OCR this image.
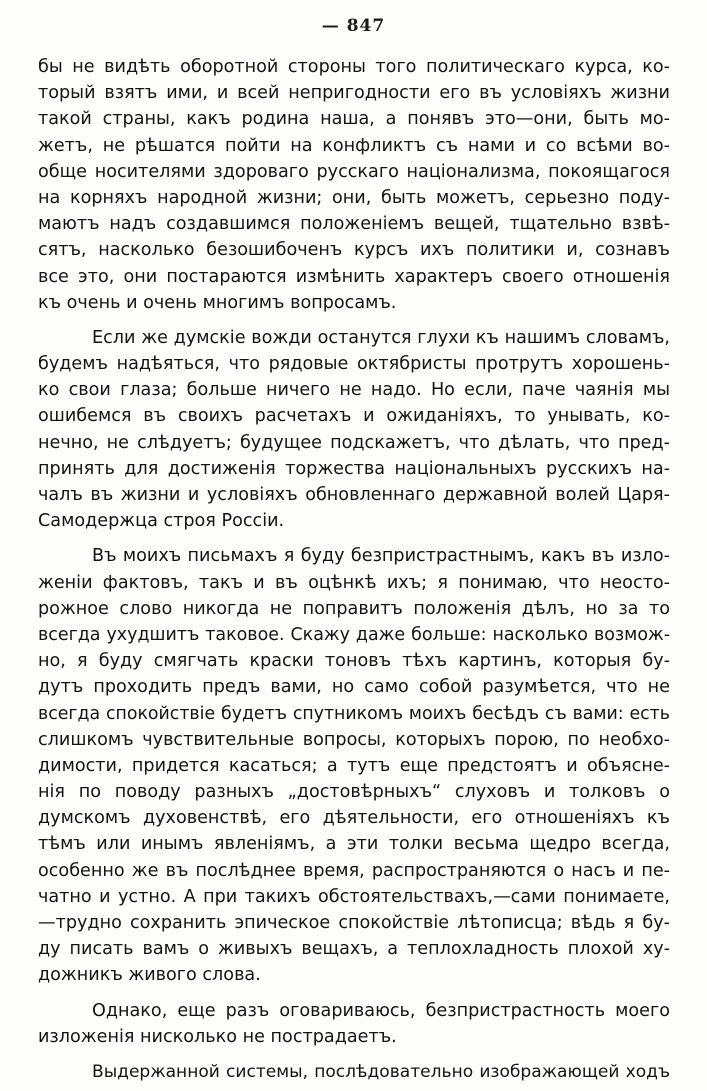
— 847
бы не видѣть оборотной стороны того политическаго курса, ко-
торый взятъ ими, и всей непригодности его въ условіяхъ жизни
такой страны, какъ родина наша, а понявъ это—они, быть мо-
жетъ, не рѣшатся пойти на конфликтъ съ нами и со всѣми во-
обще носителями здороваго русскаго націонализма, покоящагося
на корняхъ народной жизни; они, быть можетъ, серьезно поду-
маютъ надъ создавшимся положеніемъ вещей, тщательно взвѣ-
сятъ, насколько безошибоченъ курсъ ихъ политики и, сознавъ
все это, они постараются измѣнить характеръ своего отношенія
къ очень и очень многимъ вопросамъ.
Если же думскіе вожди останутся глухи къ нашимъ словамъ,
будемъ надѣяться, что рядовые октябристы протрутъ хорошень-
ко свои глаза; больше ничего не надо. Но если, паче чаянія мы
ошибемся въ своихъ расчетахъ и ожиданіяхъ, то унывать, ко-
нечно, не слѣдуетъ; будущее подскажетъ, что дѣлать, что пред-
принять для достиженія торжества національныхъ русскихъ на-
чалъ въ жизни и условіяхъ обновленнаго державной волей Царя-
Самодержца строя Россіи.
Въ моихъ письмахъ я буду безпристрастнымъ, какъ въ изло-
женіи фактовъ, такъ и въ оцѣнкѣ ихъ; я понимаю, что неосто-
рожное слово никогда не поправитъ положенія дѣлъ, но за то
всегда ухудшитъ таковое. Скажу даже больше: насколько возмож-
но, я буду смягчать краски тоновъ тѣхъ картинъ, которыя бу-
дутъ проходить предъ вами, но само собой разумѣется, что не
всегда спокойствіе будетъ спутникомъ моихъ бесѣдъ съ вами: есть
слишкомъ чувствительные вопросы, которыхъ порою, по необхо-
димости, придется касаться; а тутъ еще предстоятъ и объясне-
нія по поводу разныхъ „достовѣрныхъ“ слуховъ и толковъ о
думскомъ духовенствѣ, его дѣятельности, его отношеніяхъ къ
тѣмъ или инымъ явленіямъ, а эти толки весьма щедро всегда,
особенно же въ послѣднее время, распространяются о насъ и пе-
чатно и устно. А при такихъ обстоятельствахъ,—сами понимаете,
—трудно сохранить эпическое спокойствіе лѣтописца; вѣдь я бу-
ду писать вамъ о живыхъ вещахъ, а теплохладность плохой ху-
дожникъ живого слова.
Однако, еще разъ оговариваюсь, безпристрастность моего
изложенія нисколько не пострадаетъ.
Выдержанной системы, послѣдовательно изображающей ходъ
